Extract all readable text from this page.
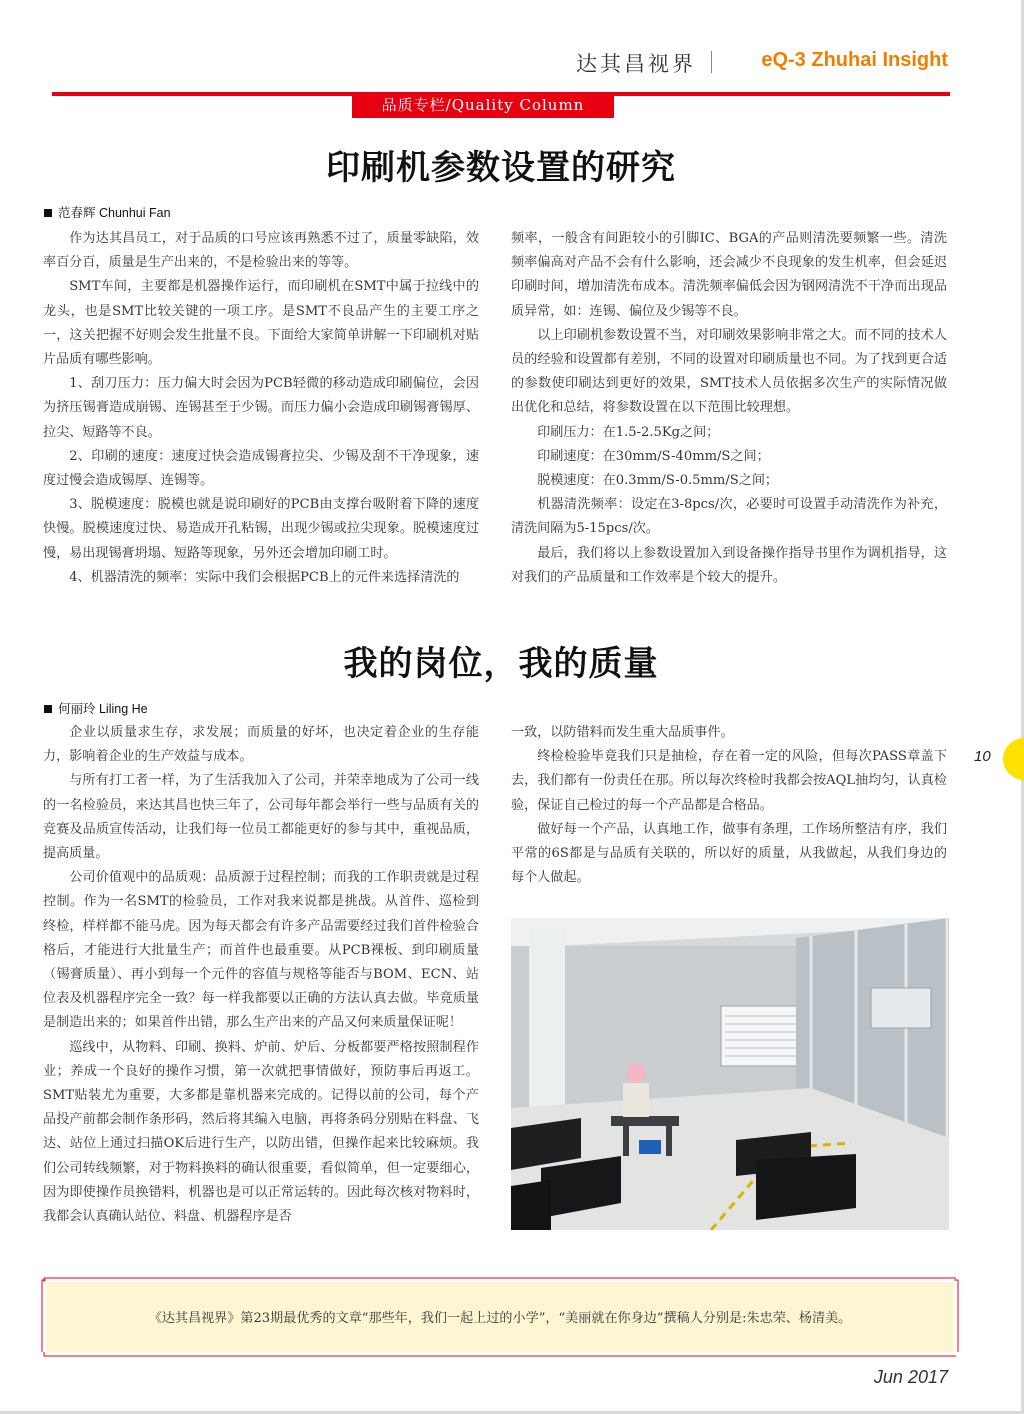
达其昌视界	eQ-3 Zhuhai Insight
品质专栏/Quality Column
印刷机参数设置的研究
范春辉 Chunhui Fan

作为达其昌员工，对于品质的口号应该再熟悉不过了，质量零缺陷，效率百分百，质量是生产出来的，不是检验出来的等等。

SMT车间，主要都是机器操作运行，而印刷机在SMT中属于拉线中的龙头，也是SMT比较关键的一项工序。是SMT不良品产生的主要工序之一，这关把握不好则会发生批量不良。下面给大家简单讲解一下印刷机对贴片品质有哪些影响。

1、刮刀压力：压力偏大时会因为PCB轻微的移动造成印刷偏位，会因为挤压锡膏造成崩锡、连锡甚至于少锡。而压力偏小会造成印刷锡膏锡厚、拉尖、短路等不良。

2、印刷的速度：速度过快会造成锡膏拉尖、少锡及刮不干净现象，速度过慢会造成锡厚、连锡等。

3、脱模速度：脱模也就是说印刷好的PCB由支撑台吸附着下降的速度快慢。脱模速度过快、易造成开孔粘锡，出现少锡或拉尖现象。脱模速度过慢，易出现锡膏坍塌、短路等现象，另外还会增加印刷工时。

4、机器清洗的频率：实际中我们会根据PCB上的元件来选择清洗的

频率，一般含有间距较小的引脚IC、BGA的产品则清洗要频繁一些。清洗频率偏高对产品不会有什么影响，还会减少不良现象的发生机率，但会延迟印刷时间，增加清洗布成本。清洗频率偏低会因为钢网清洗不干净而出现品质异常，如：连锡、偏位及少锡等不良。

以上印刷机参数设置不当，对印刷效果影响非常之大。而不同的技术人员的经验和设置都有差别，不同的设置对印刷质量也不同。为了找到更合适的参数使印刷达到更好的效果，SMT技术人员依据多次生产的实际情况做出优化和总结，将参数设置在以下范围比较理想。

印刷压力：在1.5-2.5Kg之间；

印刷速度：在30mm/S-40mm/S之间；

脱模速度：在0.3mm/S-0.5mm/S之间；

机器清洗频率：设定在3-8pcs/次，必要时可设置手动清洗作为补充，清洗间隔为5-15pcs/次。

最后，我们将以上参数设置加入到设备操作指导书里作为调机指导，这对我们的产品质量和工作效率是个较大的提升。

我的岗位，我的质量
何丽玲 Liling He

企业以质量求生存，求发展；而质量的好坏，也决定着企业的生存能力，影响着企业的生产效益与成本。

与所有打工者一样，为了生活我加入了公司，并荣幸地成为了公司一线的一名检验员，来达其昌也快三年了，公司每年都会举行一些与品质有关的竞赛及品质宣传活动，让我们每一位员工都能更好的参与其中，重视品质，提高质量。

公司价值观中的品质观：品质源于过程控制；而我的工作职责就是过程控制。作为一名SMT的检验员，工作对我来说都是挑战。从首件、巡检到终检，样样都不能马虎。因为每天都会有许多产品需要经过我们首件检验合格后，才能进行大批量生产；而首件也最重要。从PCB裸板、到印刷质量（锡膏质量）、再小到每一个元件的容值与规格等能否与BOM、ECN、站位表及机器程序完全一致？每一样我都要以正确的方法认真去做。毕竟质量是制造出来的；如果首件出错，那么生产出来的产品又何来质量保证呢！

巡线中，从物料、印刷、换料、炉前、炉后、分板都要严格按照制程作业；养成一个良好的操作习惯，第一次就把事情做好，预防事后再返工。SMT贴装尤为重要，大多都是靠机器来完成的。记得以前的公司，每个产品投产前都会制作条形码，然后将其编入电脑，再将条码分别贴在料盘、飞达、站位上通过扫描OK后进行生产，以防出错，但操作起来比较麻烦。我们公司转线频繁，对于物料换料的确认很重要，看似简单，但一定要细心，因为即使操作员换错料，机器也是可以正常运转的。因此每次核对物料时，我都会认真确认站位、料盘、机器程序是否

一致，以防错料而发生重大品质事件。

终检检验毕竟我们只是抽检，存在着一定的风险，但每次PASS章盖下去，我们都有一份责任在那。所以每次终检时我都会按AQL抽均匀，认真检验，保证自己检过的每一个产品都是合格品。

做好每一个产品，认真地工作，做事有条理，工作场所整洁有序，我们平常的6S都是与品质有关联的，所以好的质量，从我做起，从我们身边的每个人做起。

10
《达其昌视界》第23期最优秀的文章“那些年，我们一起上过的小学”，“美丽就在你身边”撰稿人分别是:朱忠荣、杨清美。
Jun 2017
